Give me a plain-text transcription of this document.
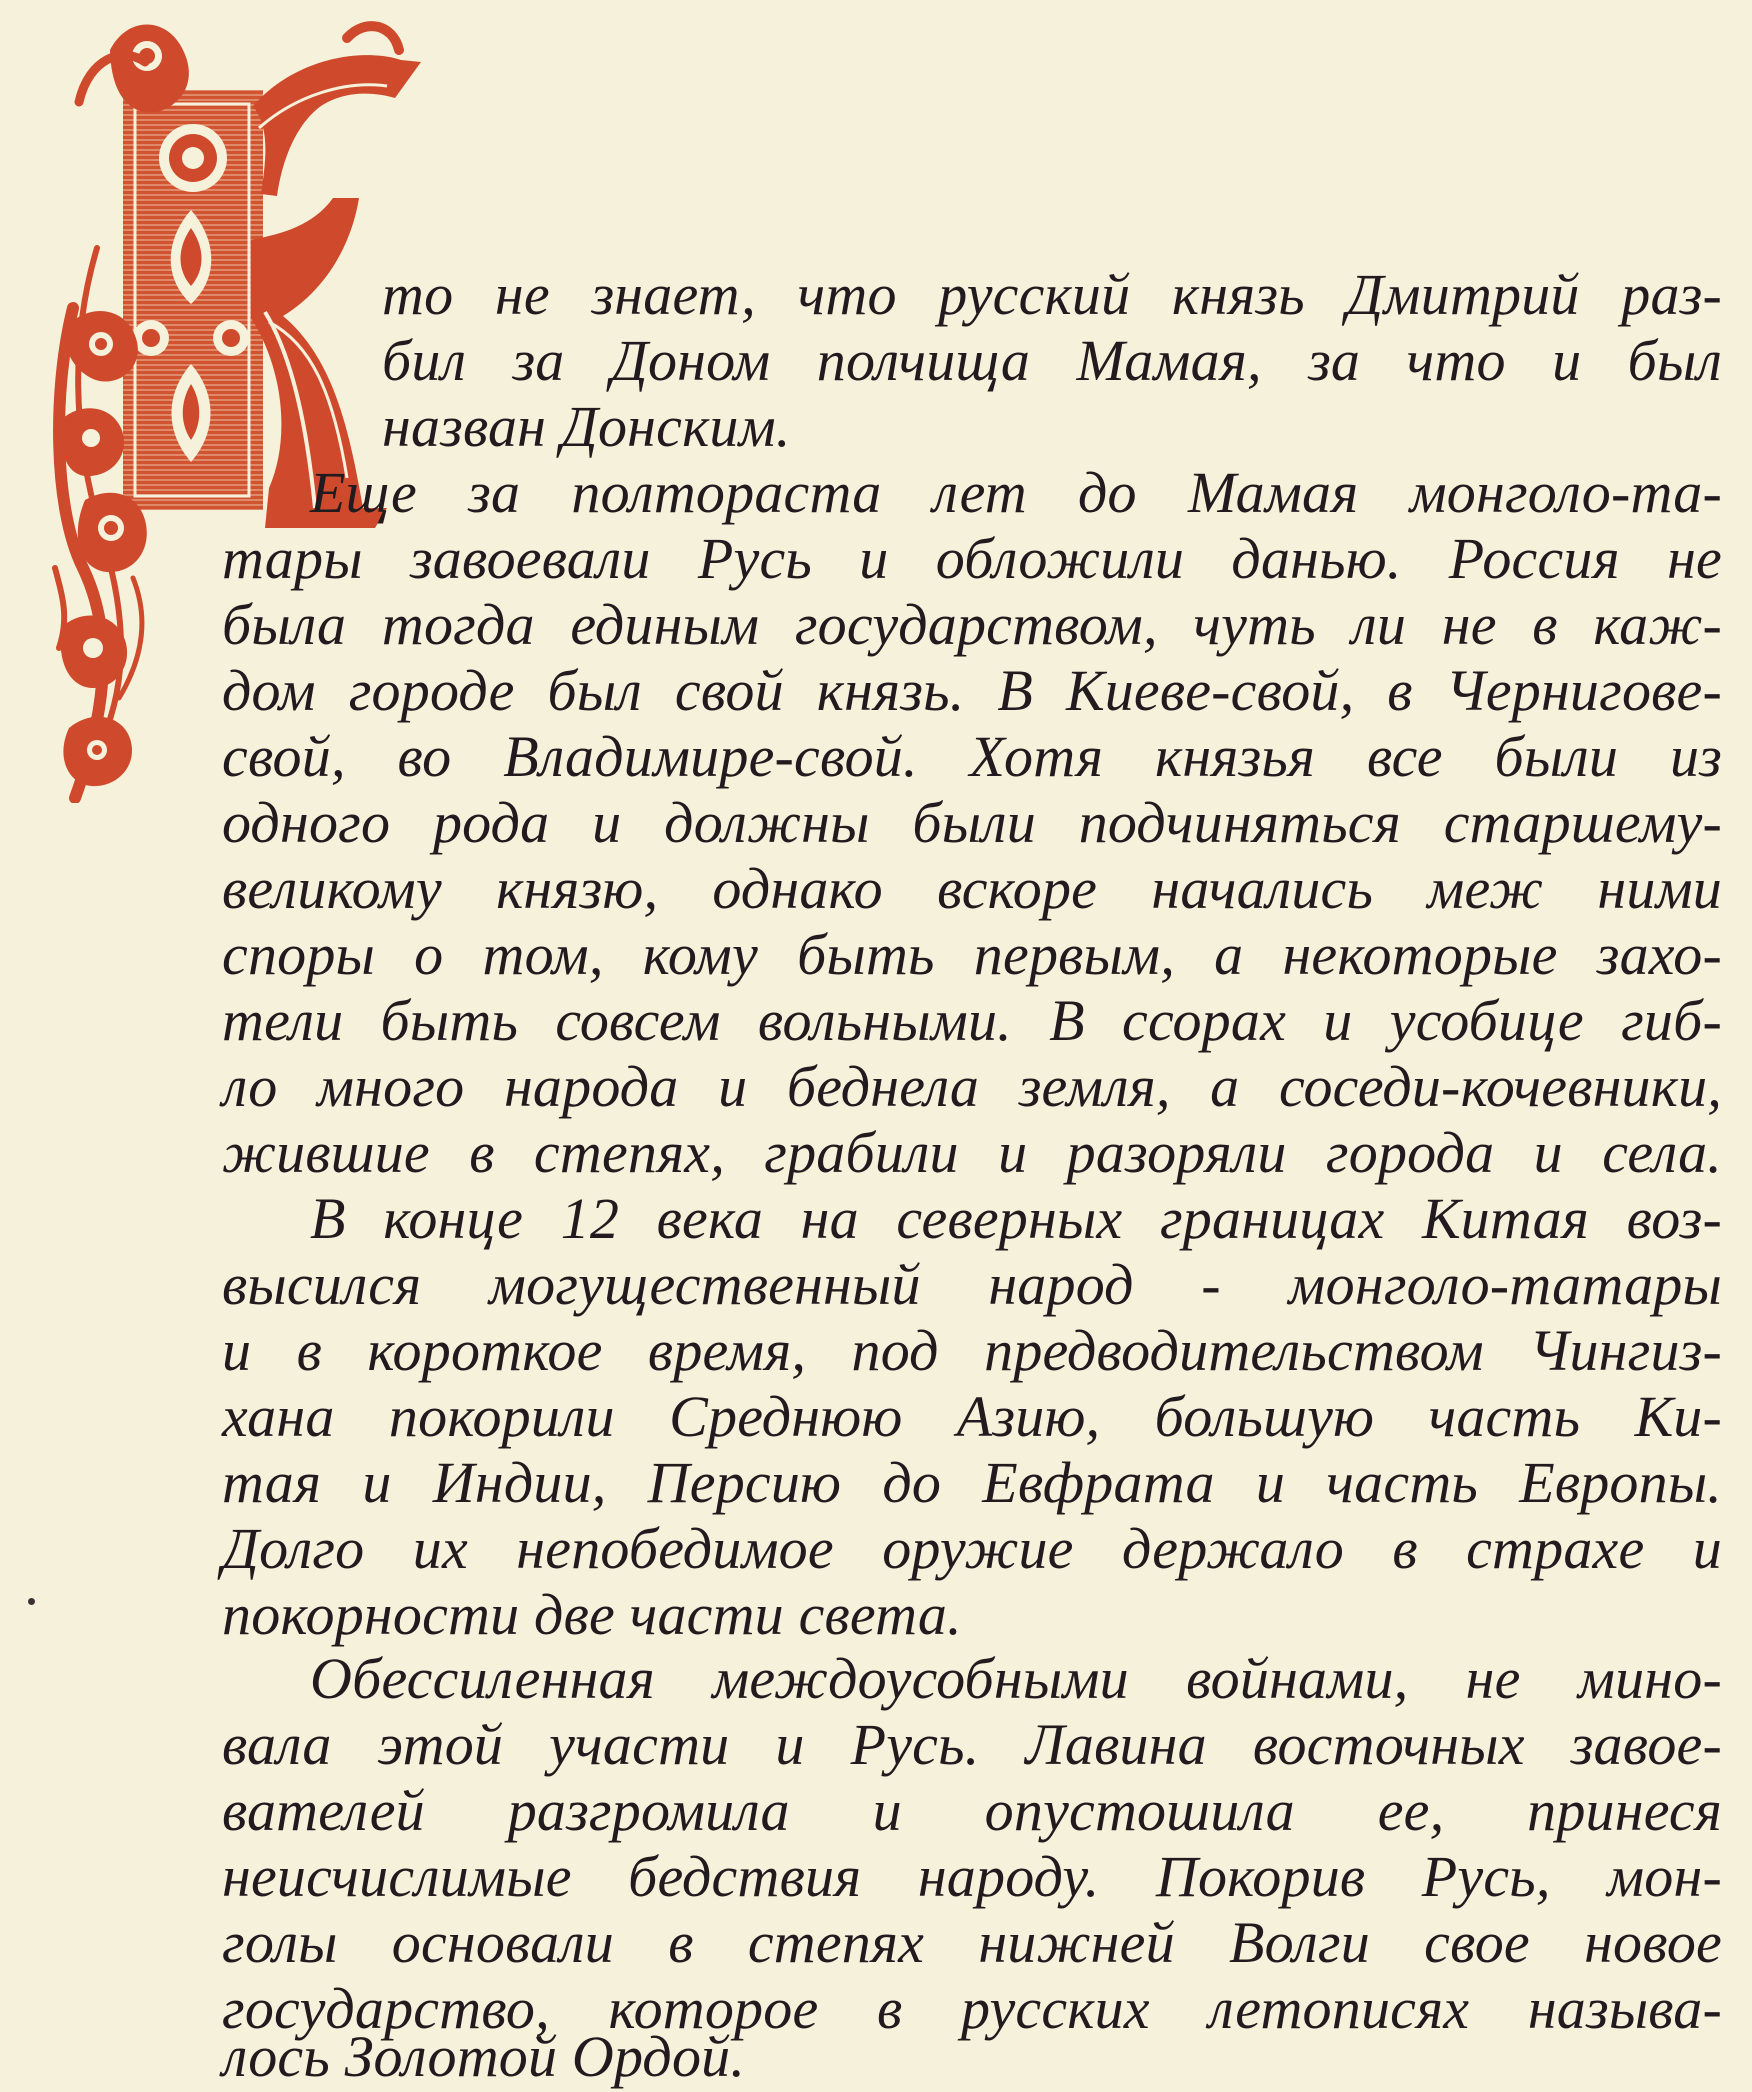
то не знает, что русский князь Дмитрий раз-
бил за Доном полчища Мамая, за что и был
назван Донским.
Еще за полтораста лет до Мамая монголо-та-
тары завоевали Русь и обложили данью. Россия не
была тогда единым государством, чуть ли не в каж-
дом городе был свой князь. В Киеве-свой, в Чернигове-
свой, во Владимире-свой. Хотя князья все были из
одного рода и должны были подчиняться старшему-
великому князю, однако вскоре начались меж ними
споры о том, кому быть первым, а некоторые захо-
тели быть совсем вольными. В ссорах и усобице гиб-
ло много народа и беднела земля, а соседи-кочевники,
жившие в степях, грабили и разоряли города и села.
В конце 12 века на северных границах Китая воз-
высился могущественный народ - монголо-татары
и в короткое время, под предводительством Чингиз-
хана покорили Среднюю Азию, большую часть Ки-
тая и Индии, Персию до Евфрата и часть Европы.
Долго их непобедимое оружие держало в страхе и
покорности две части света.
Обессиленная междоусобными войнами, не мино-
вала этой участи и Русь. Лавина восточных завое-
вателей разгромила и опустошила ее, принеся
неисчислимые бедствия народу. Покорив Русь, мон-
голы основали в степях нижней Волги свое новое
государство, которое в русских летописях называ-
лось Золотой Ордой.
